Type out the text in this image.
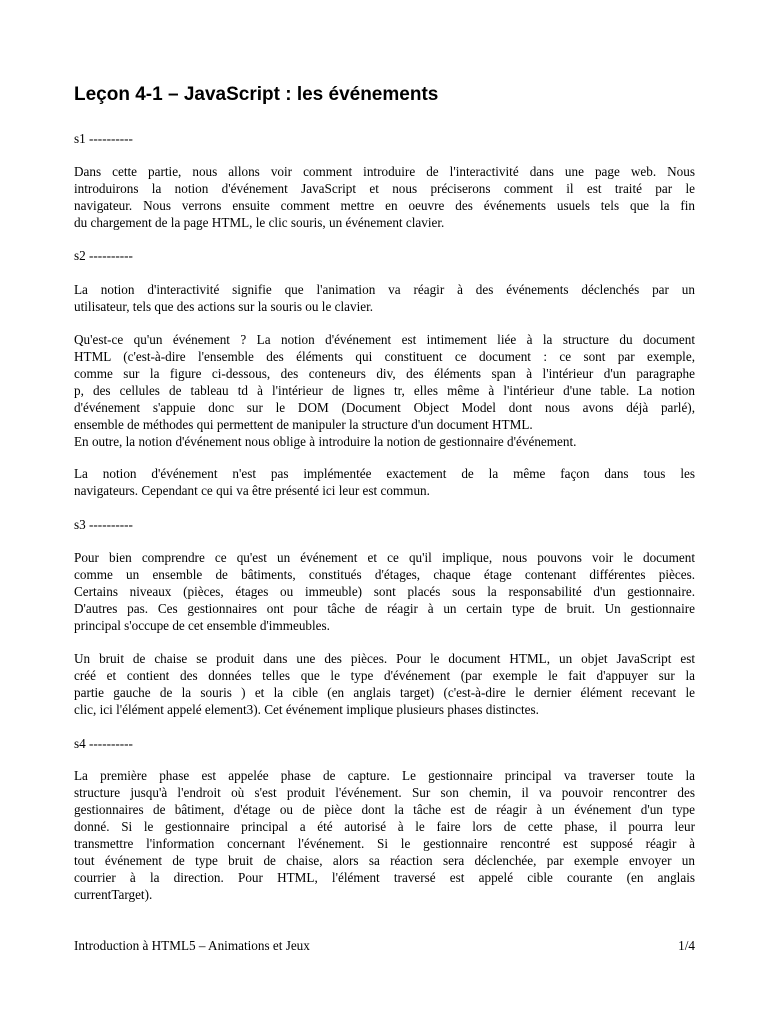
Leçon 4-1 – JavaScript : les événements
s1 ----------
Dans cette partie, nous allons voir comment introduire de l'interactivité dans une page web. Nous
introduirons la notion d'événement JavaScript et nous préciserons comment il est traité par le
navigateur. Nous verrons ensuite comment mettre en oeuvre des événements usuels tels que la fin
du chargement de la page HTML, le clic souris, un événement clavier.
s2 ----------
La notion d'interactivité signifie que l'animation va réagir à des événements déclenchés par un
utilisateur, tels que des actions sur la souris ou le clavier.
Qu'est-ce qu'un événement ? La notion d'événement est intimement liée à la structure du document
HTML (c'est-à-dire l'ensemble des éléments qui constituent ce document : ce sont par exemple,
comme sur la figure ci-dessous, des conteneurs div, des éléments span à l'intérieur d'un paragraphe
p, des cellules de tableau td à l'intérieur de lignes tr, elles même à l'intérieur d'une table. La notion
d'événement s'appuie donc sur le DOM (Document Object Model dont nous avons déjà parlé),
ensemble de méthodes qui permettent de manipuler la structure d'un document HTML.
En outre, la notion d'événement nous oblige à introduire la notion de gestionnaire d'événement.
La notion d'événement n'est pas implémentée exactement de la même façon dans tous les
navigateurs. Cependant ce qui va être présenté ici leur est commun.
s3 ----------
Pour bien comprendre ce qu'est un événement et ce qu'il implique, nous pouvons voir le document
comme un ensemble de bâtiments, constitués d'étages, chaque étage contenant différentes pièces.
Certains niveaux (pièces, étages ou immeuble) sont placés sous la responsabilité d'un gestionnaire.
D'autres pas. Ces gestionnaires ont pour tâche de réagir à un certain type de bruit. Un gestionnaire
principal s'occupe de cet ensemble d'immeubles.
Un bruit de chaise se produit dans une des pièces. Pour le document HTML, un objet JavaScript est
créé et contient des données telles que le type d'événement (par exemple le fait d'appuyer sur la
partie gauche de la souris ) et la cible (en anglais target) (c'est-à-dire le dernier élément recevant le
clic, ici l'élément appelé element3). Cet événement implique plusieurs phases distinctes.
s4 ----------
La première phase est appelée phase de capture. Le gestionnaire principal va traverser toute la
structure jusqu'à l'endroit où s'est produit l'événement. Sur son chemin, il va pouvoir rencontrer des
gestionnaires de bâtiment, d'étage ou de pièce dont la tâche est de réagir à un événement d'un type
donné. Si le gestionnaire principal a été autorisé à le faire lors de cette phase, il pourra leur
transmettre l'information concernant l'événement. Si le gestionnaire rencontré est supposé réagir à
tout événement de type bruit de chaise, alors sa réaction sera déclenchée, par exemple envoyer un
courrier à la direction. Pour HTML, l'élément traversé est appelé cible courante (en anglais
currentTarget).
Introduction à HTML5 – Animations et Jeux	1/4
